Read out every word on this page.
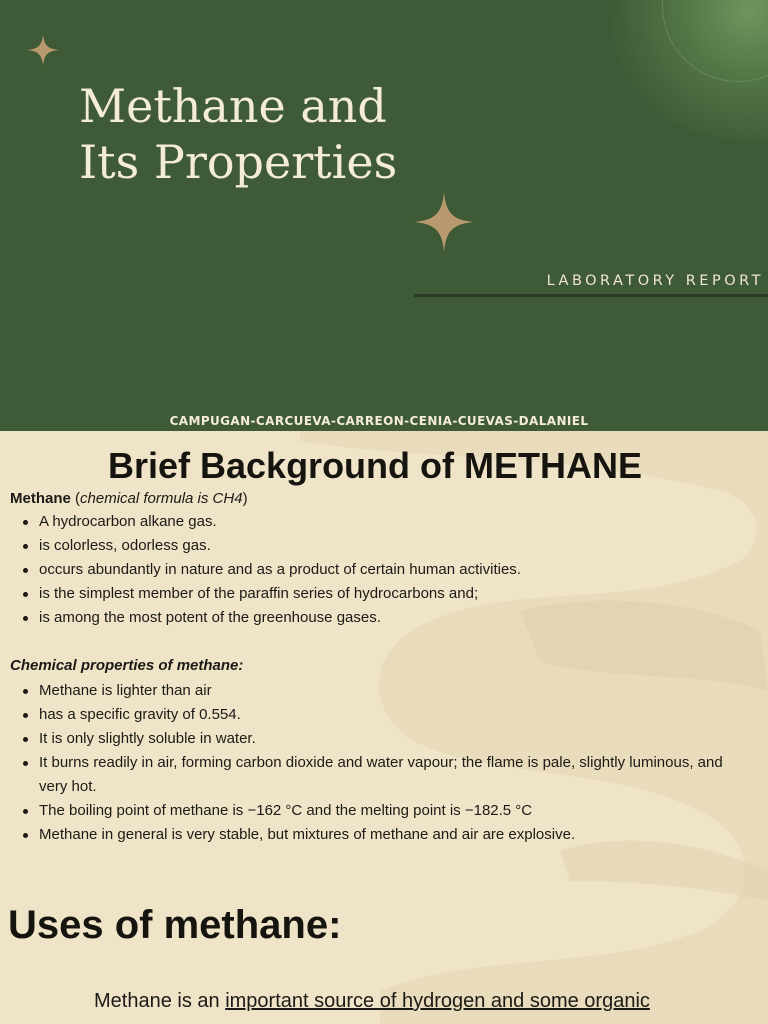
Methane and
Its Properties
LABORATORY REPORT
CAMPUGAN-CARCUEVA-CARREON-CENIA-CUEVAS-DALANIEL
Brief Background of METHANE

Methane (chemical formula is CH4)

A hydrocarbon alkane gas.
is colorless, odorless gas.
occurs abundantly in nature and as a product of certain human activities.
is the simplest member of the paraffin series of hydrocarbons and;
is among the most potent of the greenhouse gases.

Chemical properties of methane:

Methane is lighter than air
has a specific gravity of 0.554.
It is only slightly soluble in water.
It burns readily in air, forming carbon dioxide and water vapour; the flame is pale, slightly luminous, and very hot.
The boiling point of methane is −162 °C and the melting point is −182.5 °C
Methane in general is very stable, but mixtures of methane and air are explosive.
Uses of methane:

Methane is an important source of hydrogen and some organic
